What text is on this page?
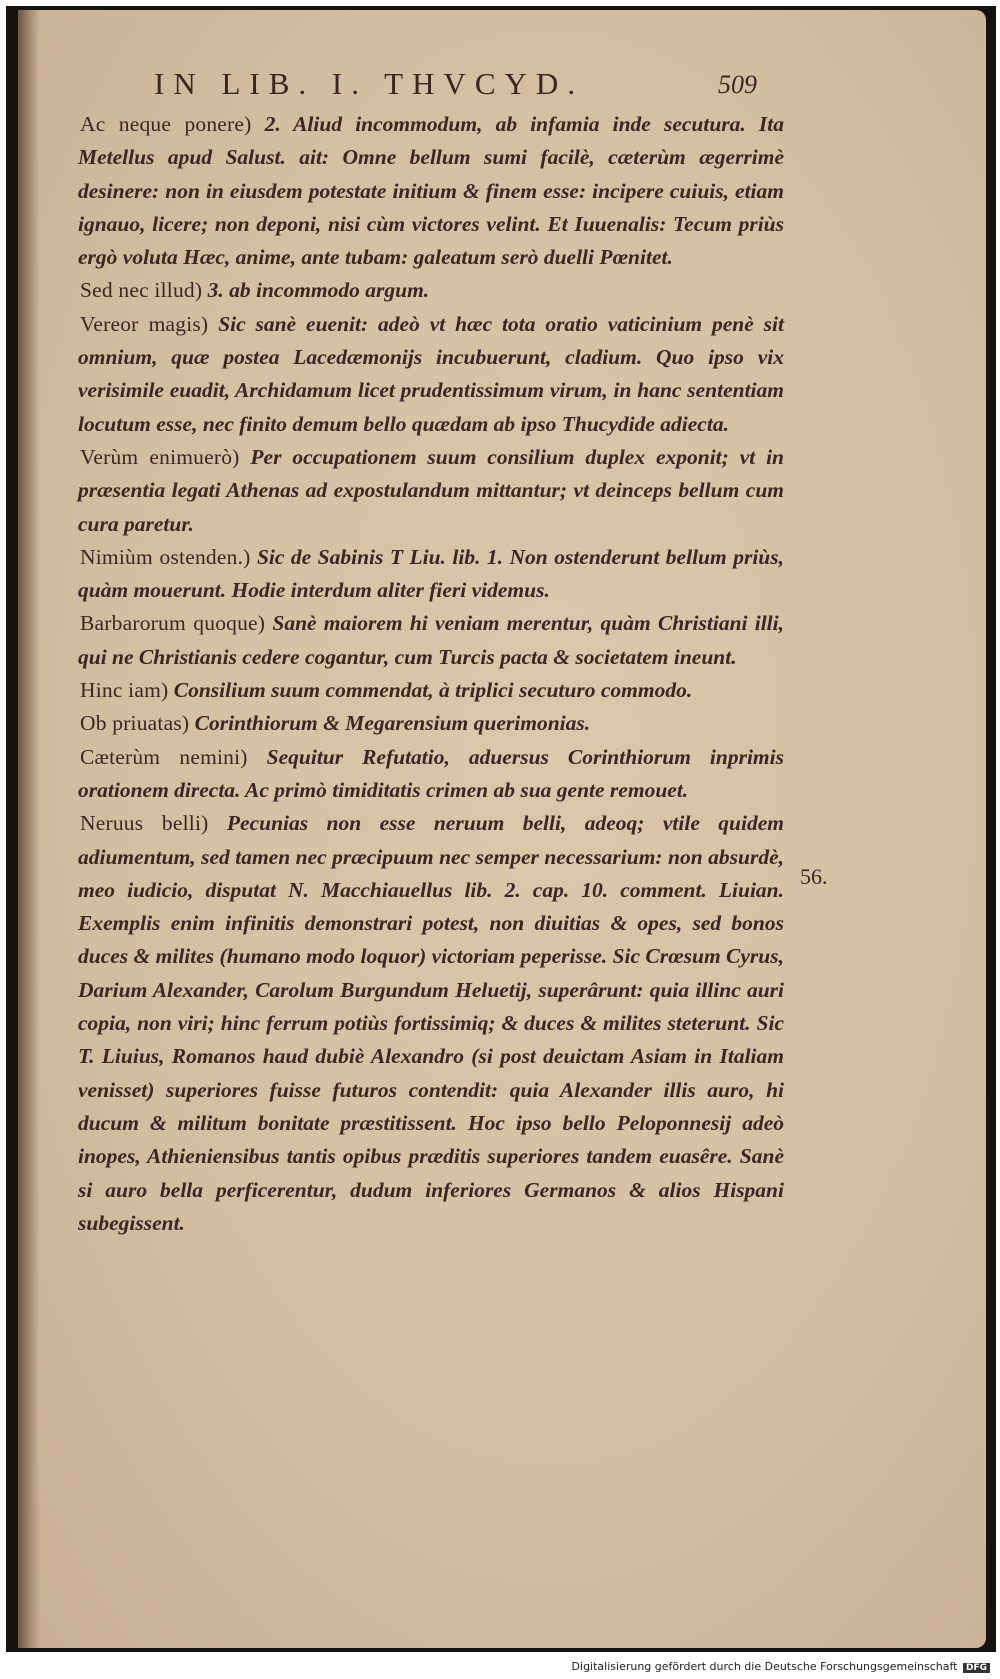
IN LIB. I. THVCYD.	509

Ac neque ponere) 2. Aliud incommodum, ab infamia inde secutura. Ita Metellus apud Salust. ait: Omne bellum sumi facilè, cæterùm ægerrimè desinere: non in eiusdem potestate initium & finem esse: incipere cuiuis, etiam ignauo, licere; non deponi, nisi cùm victores velint. Et Iuuenalis: Tecum priùs ergò voluta Hæc, anime, ante tubam: galeatum serò duelli Pœnitet.

Sed nec illud) 3. ab incommodo argum.

Vereor magis) Sic sanè euenit: adeò vt hæc tota oratio vaticinium penè sit omnium, quæ postea Lacedæmonijs incubuerunt, cladium. Quo ipso vix verisimile euadit, Archidamum licet prudentissimum virum, in hanc sententiam locutum esse, nec finito demum bello quædam ab ipso Thucydide adiecta.

Verùm enimuerò) Per occupationem suum consilium duplex exponit; vt in præsentia legati Athenas ad expostulandum mittantur; vt deinceps bellum cum cura paretur.

Nimiùm ostenden.) Sic de Sabinis T Liu. lib. 1. Non ostenderunt bellum priùs, quàm mouerunt. Hodie interdum aliter fieri videmus.

Barbarorum quoque) Sanè maiorem hi veniam merentur, quàm Christiani illi, qui ne Christianis cedere cogantur, cum Turcis pacta & societatem ineunt.

Hinc iam) Consilium suum commendat, à triplici secuturo commodo.

Ob priuatas) Corinthiorum & Megarensium querimonias.

Cæterùm nemini) Sequitur Refutatio, aduersus Corinthiorum inprimis orationem directa. Ac primò timiditatis crimen ab sua gente remouet.

Neruus belli) Pecunias non esse neruum belli, adeoq; vtile quidem adiumentum, sed tamen nec præcipuum nec semper necessarium: non absurdè, meo iudicio, disputat N. Macchiauellus lib. 2. cap. 10. comment. Liuian. Exemplis enim infinitis demonstrari potest, non diuitias & opes, sed bonos duces & milites (humano modo loquor) victoriam peperisse. Sic Crœsum Cyrus, Darium Alexander, Carolum Burgundum Heluetij, superârunt: quia illinc auri copia, non viri; hinc ferrum potiùs fortissimiq; & duces & milites steterunt. Sic T. Liuius, Romanos haud dubiè Alexandro (si post deuictam Asiam in Italiam venisset) superiores fuisse futuros contendit: quia Alexander illis auro, hi ducum & militum bonitate præstitissent. Hoc ipso bello Peloponnesij adeò inopes, Athieniensibus tantis opibus præditis superiores tandem euasêre. Sanè si auro bella perficerentur, dudum inferiores Germanos & alios Hispani subegissent.

56.
Digitalisierung gefördert durch die Deutsche Forschungsgemeinschaft DFG
